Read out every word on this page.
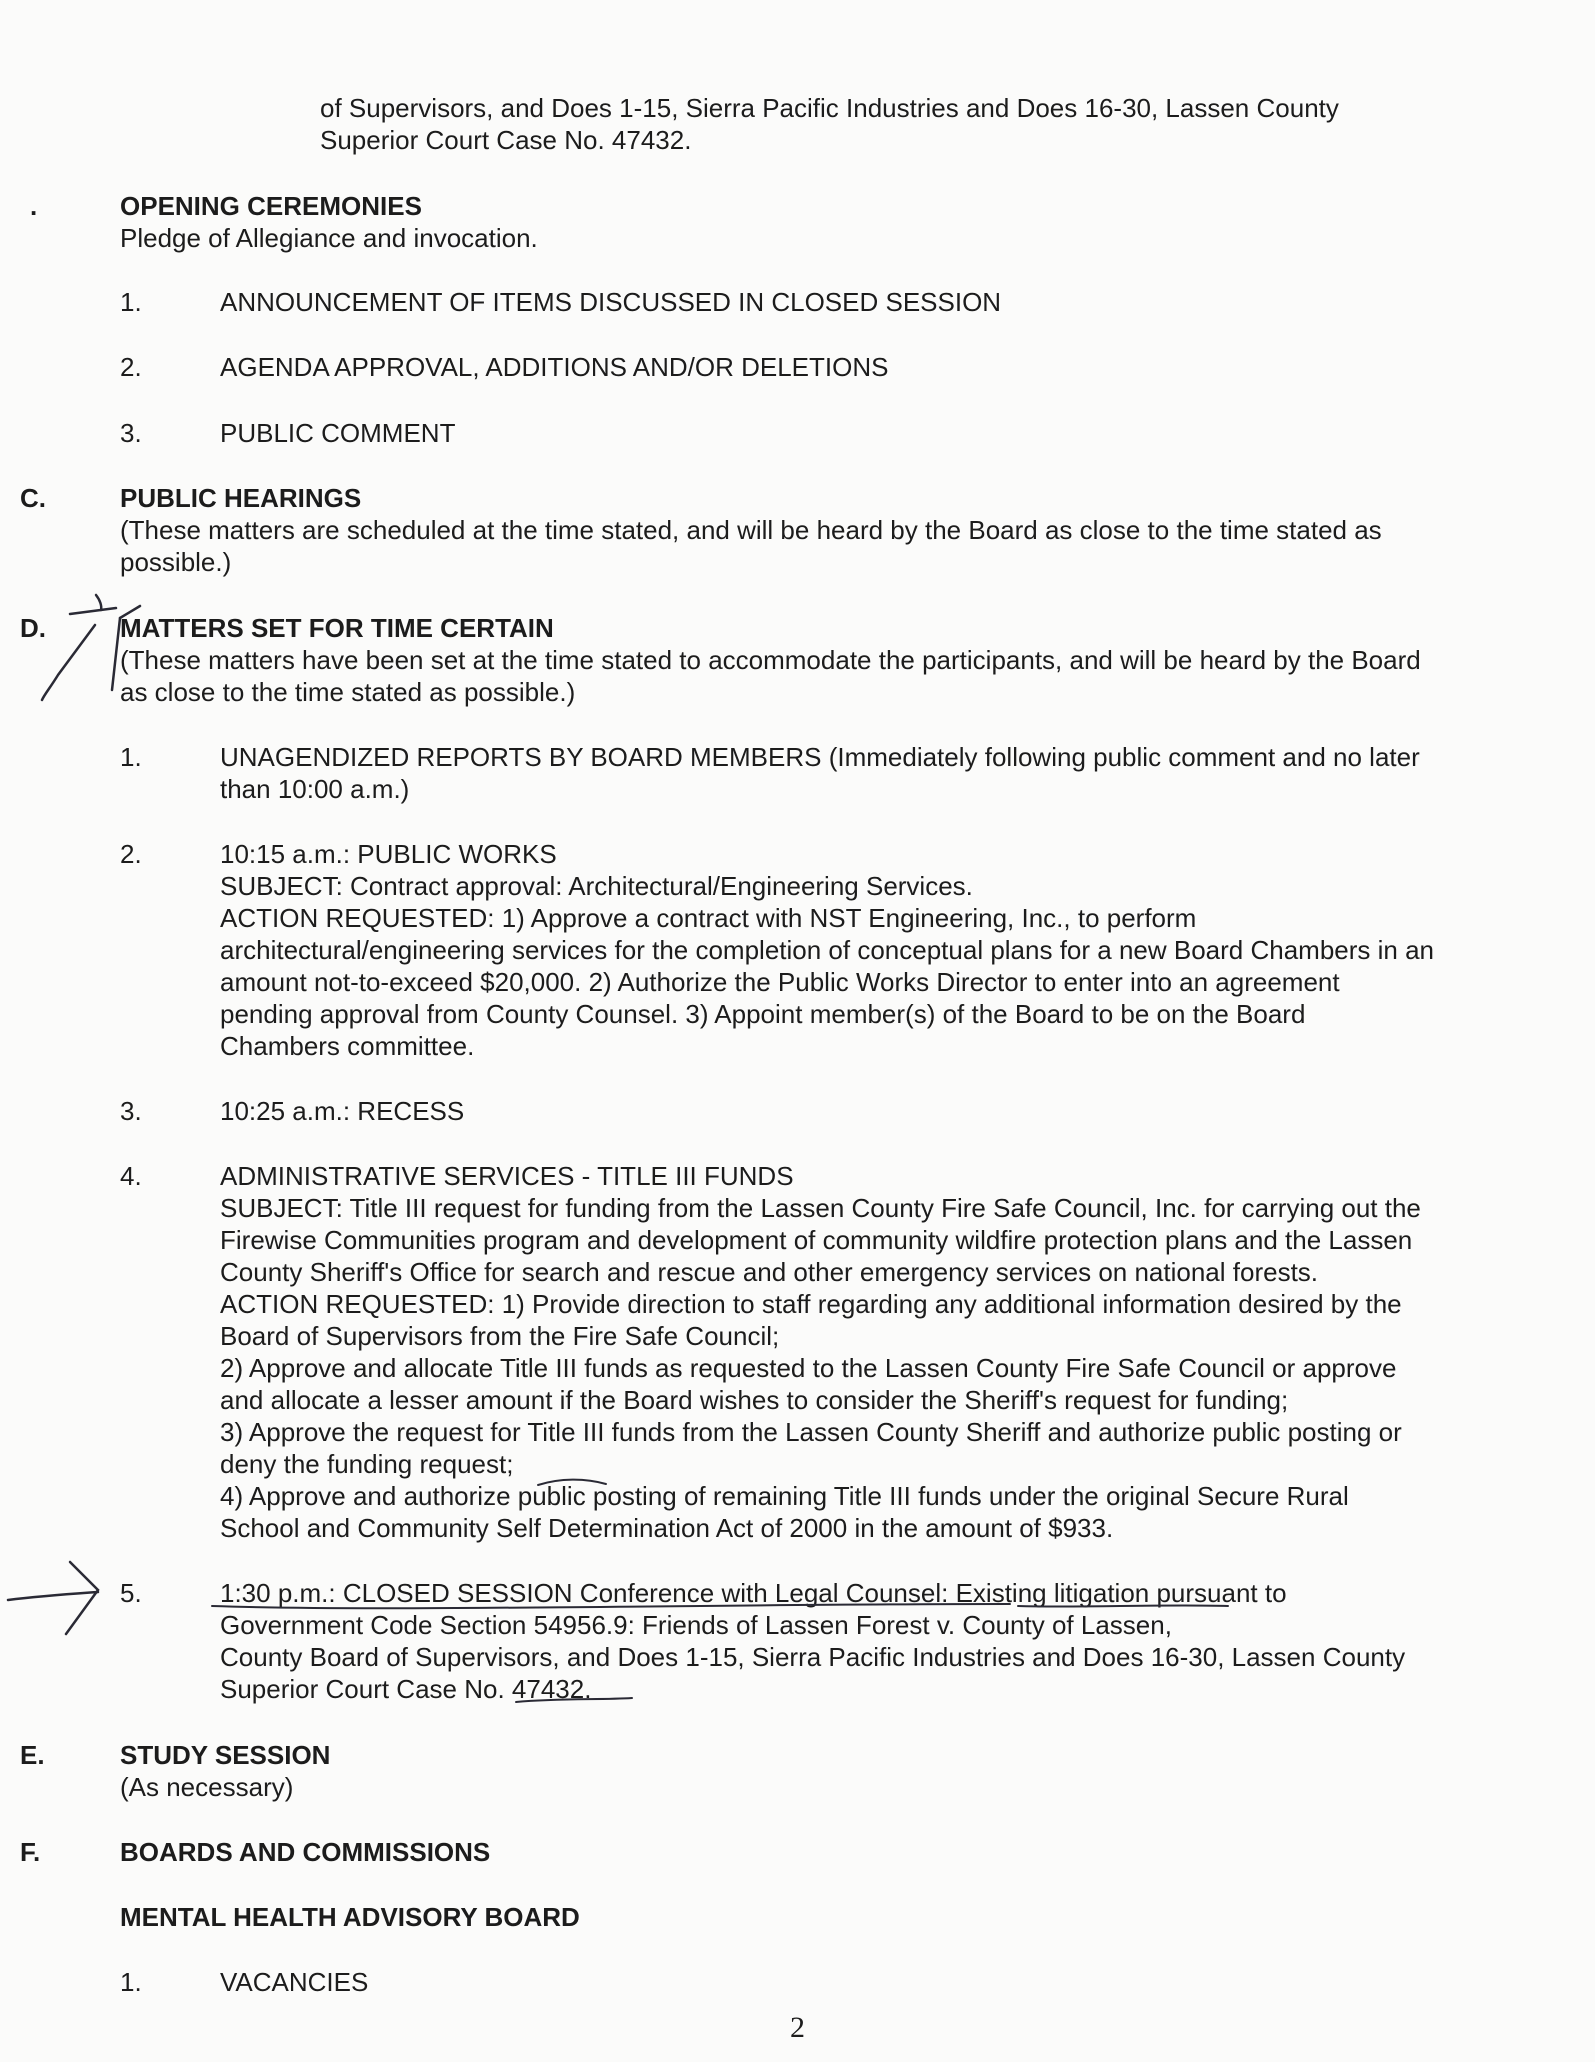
of Supervisors, and Does 1-15, Sierra Pacific Industries and Does 16-30, Lassen County
Superior Court Case No. 47432.
.	OPENING CEREMONIES
Pledge of Allegiance and invocation.
1.	ANNOUNCEMENT OF ITEMS DISCUSSED IN CLOSED SESSION
2.	AGENDA APPROVAL, ADDITIONS AND/OR DELETIONS
3.	PUBLIC COMMENT
C.	PUBLIC HEARINGS
(These matters are scheduled at the time stated, and will be heard by the Board as close to the time stated as
possible.)
D.	MATTERS SET FOR TIME CERTAIN
(These matters have been set at the time stated to accommodate the participants, and will be heard by the Board
as close to the time stated as possible.)
1.	UNAGENDIZED REPORTS BY BOARD MEMBERS (Immediately following public comment and no later
than 10:00 a.m.)
2.	10:15 a.m.: PUBLIC WORKS
SUBJECT: Contract approval: Architectural/Engineering Services.
ACTION REQUESTED: 1) Approve a contract with NST Engineering, Inc., to perform
architectural/engineering services for the completion of conceptual plans for a new Board Chambers in an
amount not-to-exceed $20,000. 2) Authorize the Public Works Director to enter into an agreement
pending approval from County Counsel. 3) Appoint member(s) of the Board to be on the Board
Chambers committee.
3.	10:25 a.m.: RECESS
4.	ADMINISTRATIVE SERVICES - TITLE III FUNDS
SUBJECT: Title III request for funding from the Lassen County Fire Safe Council, Inc. for carrying out the
Firewise Communities program and development of community wildfire protection plans and the Lassen
County Sheriff's Office for search and rescue and other emergency services on national forests.
ACTION REQUESTED: 1) Provide direction to staff regarding any additional information desired by the
Board of Supervisors from the Fire Safe Council;
2) Approve and allocate Title III funds as requested to the Lassen County Fire Safe Council or approve
and allocate a lesser amount if the Board wishes to consider the Sheriff's request for funding;
3) Approve the request for Title III funds from the Lassen County Sheriff and authorize public posting or
deny the funding request;
4) Approve and authorize public posting of remaining Title III funds under the original Secure Rural
School and Community Self Determination Act of 2000 in the amount of $933.
5.	1:30 p.m.: CLOSED SESSION Conference with Legal Counsel: Existing litigation pursuant to
Government Code Section 54956.9: Friends of Lassen Forest v. County of Lassen,
County Board of Supervisors, and Does 1-15, Sierra Pacific Industries and Does 16-30, Lassen County
Superior Court Case No. 47432.
E.	STUDY SESSION
(As necessary)
F.	BOARDS AND COMMISSIONS
MENTAL HEALTH ADVISORY BOARD
1.	VACANCIES
2
